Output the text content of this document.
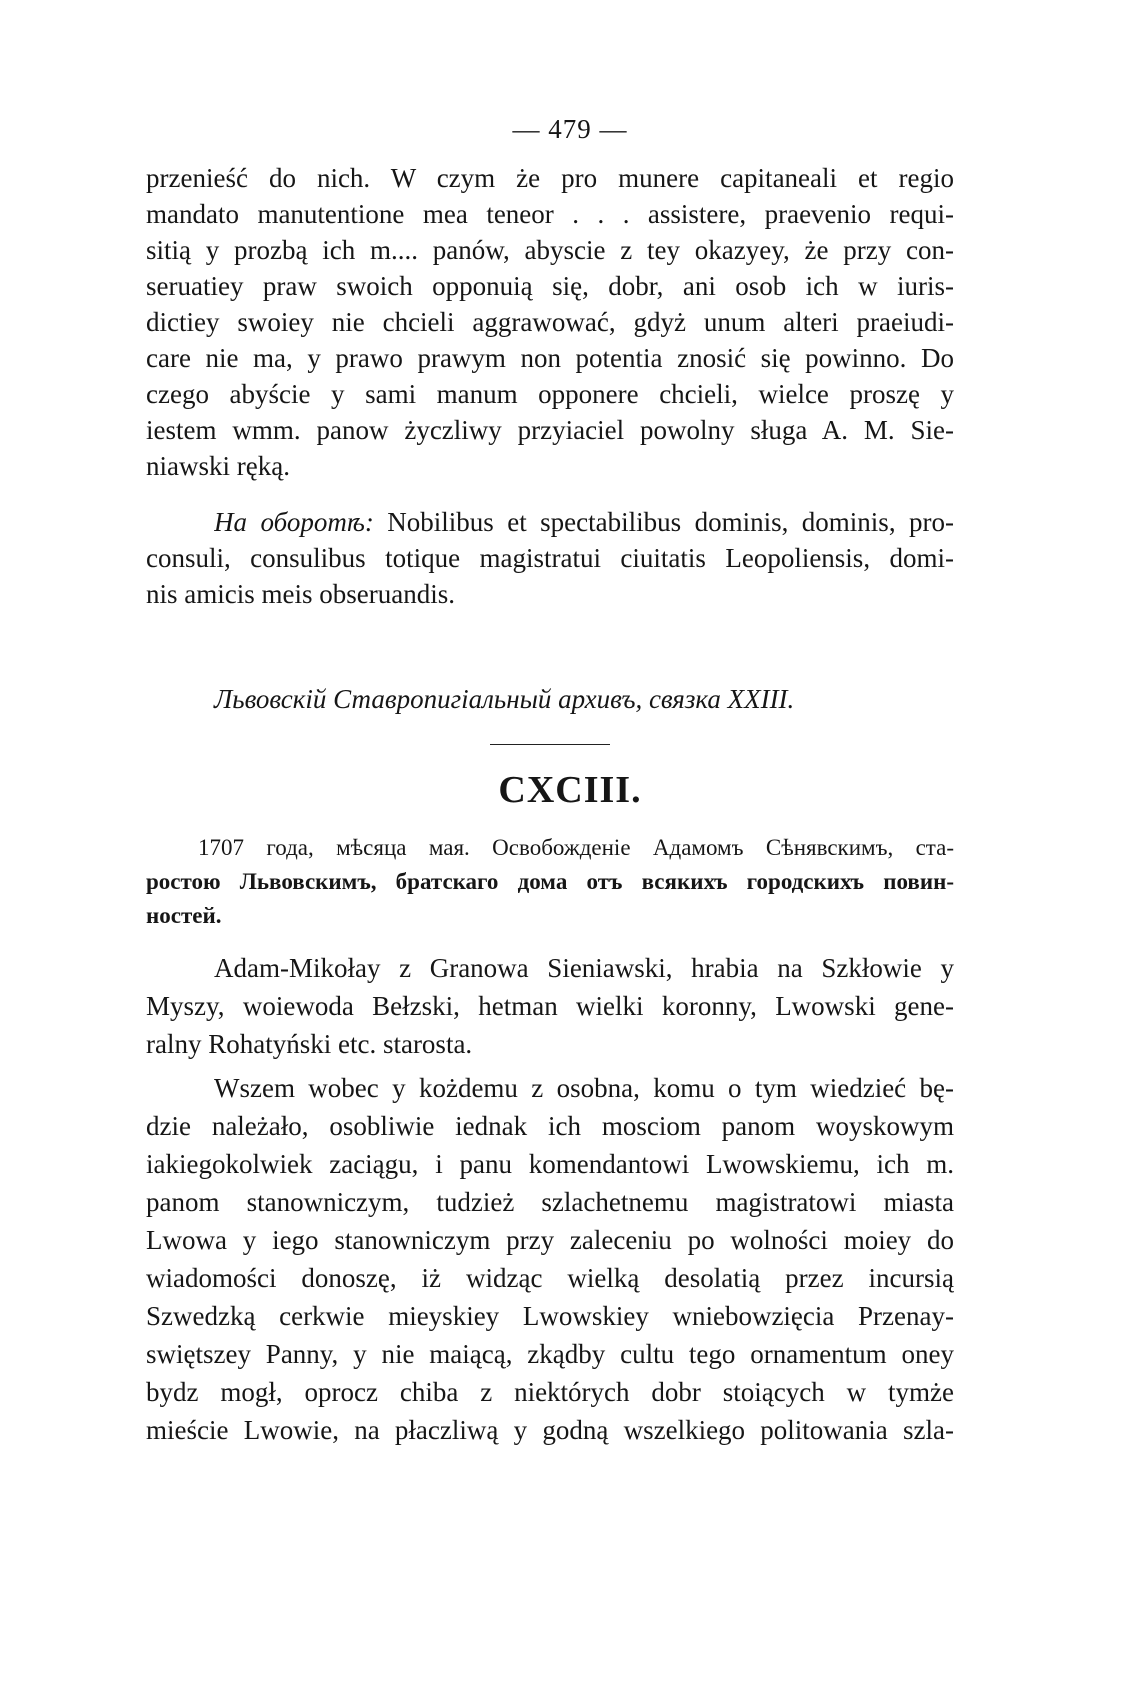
— 479 —
przenieść do nich. W czym że pro munere capitaneali et regio
mandato manutentione mea teneor . . . assistere, praevenio requi-
sitią y prozbą ich m.... panów, abyscie z tey okazyey, że przy con-
seruatiey praw swoich opponuią się, dobr, ani osob ich w iuris-
dictiey swoiey nie chcieli aggrawować, gdyż unum alteri praeiudi-
care nie ma, y prawo prawym non potentia znosić się powinno. Do
czego abyście y sami manum opponere chcieli, wielce proszę y
iestem wmm. panow życzliwy przyiaciel powolny sługa A. M. Sie-
niawski ręką.
На оборотѣ: Nobilibus et spectabilibus dominis, dominis, pro-
consuli, consulibus totique magistratui ciuitatis Leopoliensis, domi-
nis amicis meis obseruandis.
Львовскій Ставропигіальный архивъ, связка XXIII.
CXCIII.
1707 года, мѣсяца мая. Освобожденіе Адамомъ Сѣнявскимъ, ста-
ростою Львовскимъ, братскаго дома отъ всякихъ городскихъ повин-
ностей.
Adam-Mikołay z Granowa Sieniawski, hrabia na Szkłowie y
Myszy, woiewoda Bełzski, hetman wielki koronny, Lwowski gene-
ralny Rohatyński etc. starosta.
Wszem wobec y kożdemu z osobna, komu o tym wiedzieć bę-
dzie należało, osobliwie iednak ich mosciom panom woyskowym
iakiegokolwiek zaciągu, i panu komendantowi Lwowskiemu, ich m.
panom stanowniczym, tudzież szlachetnemu magistratowi miasta
Lwowa y iego stanowniczym przy zaleceniu po wolności moiey do
wiadomości donoszę, iż widząc wielką desolatią przez incursią
Szwedzką cerkwie mieyskiey Lwowskiey wniebowzięcia Przenay-
swiętszey Panny, y nie maiącą, zkądby cultu tego ornamentum oney
bydz mogł, oprocz chiba z niektórych dobr stoiących w tymże
mieście Lwowie, na płaczliwą y godną wszelkiego politowania szla-
